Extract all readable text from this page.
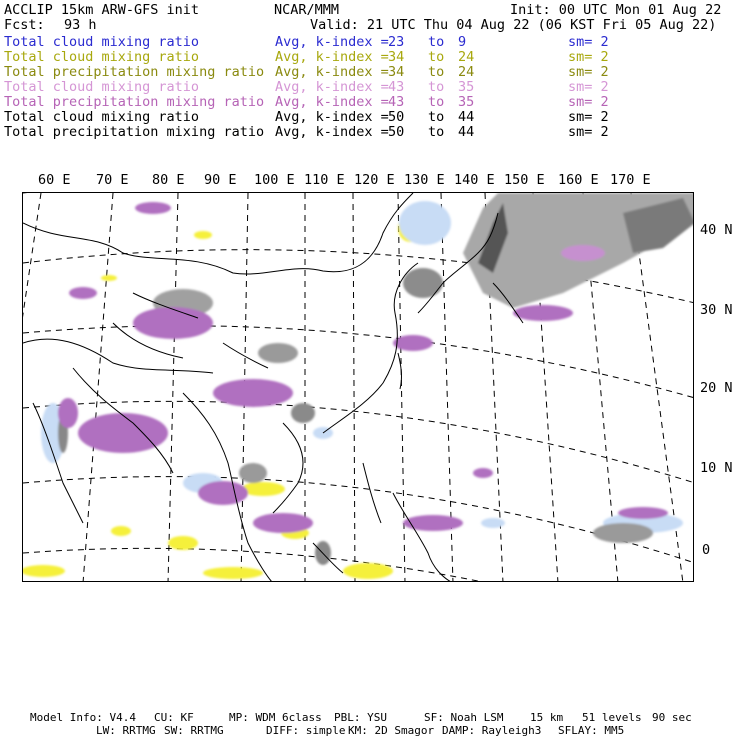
ACCLIP 15km ARW-GFS init	NCAR/MMM	Init: 00 UTC Mon 01 Aug 22
Fcst: 93 h	Valid: 21 UTC Thu 04 Aug 22 (06 KST Fri 05 Aug 22)
Total cloud mixing ratio	Avg, k-index = 23 to 9	sm= 2
Total cloud mixing ratio	Avg, k-index = 34 to 24	sm= 2
Total precipitation mixing ratio Avg, k-index = 34 to 24	sm= 2
Total cloud mixing ratio	Avg, k-index = 43 to 35	sm= 2
Total precipitation mixing ratio Avg, k-index = 43 to 35	sm= 2
Total cloud mixing ratio	Avg, k-index = 50 to 44	sm= 2
Total precipitation mixing ratio Avg, k-index = 50 to 44	sm= 2
60 E 70 E 80 E 90 E 100 E 110 E 120 E 130 E 140 E 150 E 160 E 170 E
40 N
30 N
20 N
10 N
0
Model Info: V4.4 CU: KF	MP: WDM 6class PBL: YSU	SF: Noah LSM 15 km 51 levels 90 sec
LW: RRTMG SW: RRTMG	DIFF: simple KM: 2D Smagor DAMP: Rayleigh3 SFLAY: MM5
